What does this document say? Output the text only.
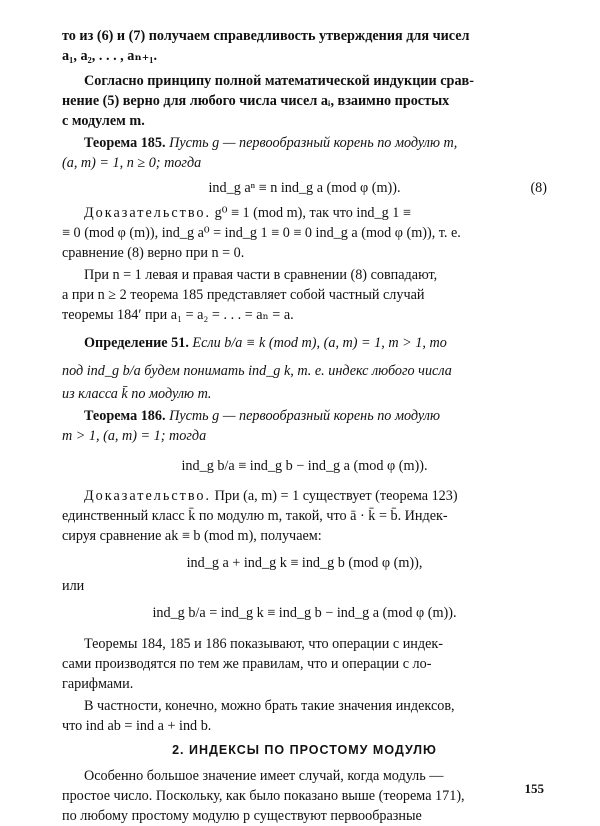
то из (6) и (7) получаем справедливость утверждения для чисел
a₁, a₂, . . . , aₙ₊₁.
Согласно принципу полной математической индукции срав-
нение (5) верно для любого числа чисел aᵢ, взаимно простых
с модулем m.
Теорема 185. Пусть g — первообразный корень по модулю m,
(a, m) = 1, n ≥ 0; тогда
ind_g aⁿ ≡ n ind_g a (mod φ (m)).	(8)
Доказательство. g⁰ ≡ 1 (mod m), так что ind_g 1 ≡
≡ 0 (mod φ (m)), ind_g a⁰ = ind_g 1 ≡ 0 ≡ 0 ind_g a (mod φ (m)), т. е.
сравнение (8) верно при n = 0.
При n = 1 левая и правая части в сравнении (8) совпадают,
а при n ≥ 2 теорема 185 представляет собой частный случай
теоремы 184′ при a₁ = a₂ = . . . = aₙ = a.
Определение 51. Если b/a ≡ k (mod m), (a, m) = 1, m > 1, то
под ind_g b/a будем понимать ind_g k, т. е. индекс любого числа
из класса k̄ по модулю m.
Теорема 186. Пусть g — первообразный корень по модулю
m > 1, (a, m) = 1; тогда
ind_g b/a ≡ ind_g b − ind_g a (mod φ (m)).
Доказательство. При (a, m) = 1 существует (теорема 123)
единственный класс k̄ по модулю m, такой, что ā · k̄ = b̄. Индек-
сируя сравнение ak ≡ b (mod m), получаем:
ind_g a + ind_g k ≡ ind_g b (mod φ (m)),
или
ind_g b/a = ind_g k ≡ ind_g b − ind_g a (mod φ (m)).
Теоремы 184, 185 и 186 показывают, что операции с индек-
сами производятся по тем же правилам, что и операции с ло-
гарифмами.
В частности, конечно, можно брать такие значения индексов,
что ind ab = ind a + ind b.
2. ИНДЕКСЫ ПО ПРОСТОМУ МОДУЛЮ
Особенно большое значение имеет случай, когда модуль —
простое число. Поскольку, как было показано выше (теорема 171),
по любому простому модулю p существуют первообразные
155
